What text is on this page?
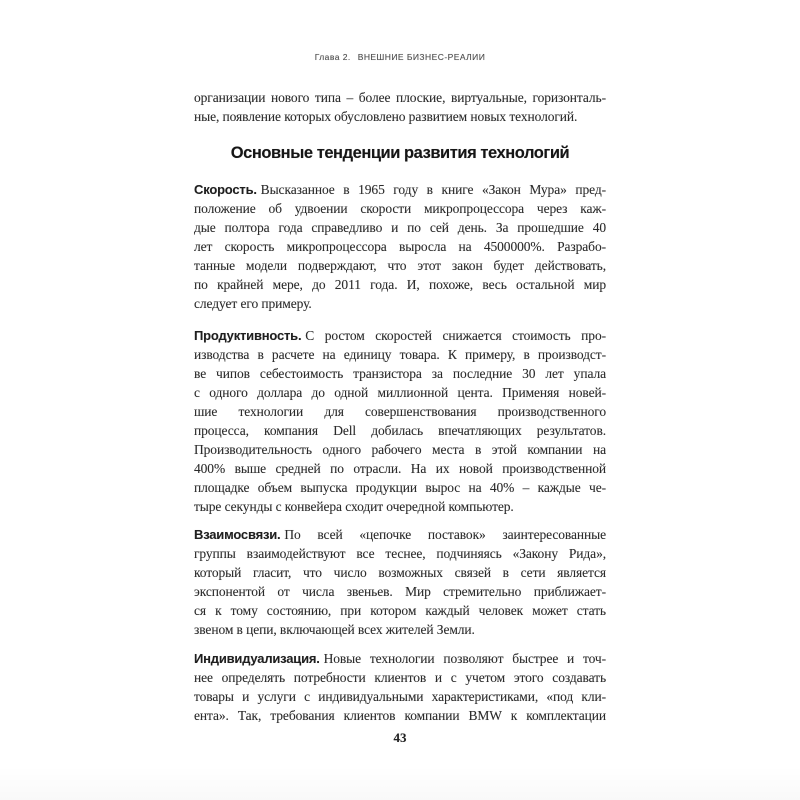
Глава 2. ВНЕШНИЕ БИЗНЕС-РЕАЛИИ
организации нового типа – более плоские, виртуальные, горизонталь-
ные, появление которых обусловлено развитием новых технологий.
Основные тенденции развития технологий
Скорость. Высказанное в 1965 году в книге «Закон Мура» пред-
положение об удвоении скорости микропроцессора через каж-
дые полтора года справедливо и по сей день. За прошедшие 40
лет скорость микропроцессора выросла на 4500000%. Разрабо-
танные модели подверждают, что этот закон будет действовать,
по крайней мере, до 2011 года. И, похоже, весь остальной мир
следует его примеру.
Продуктивность. С ростом скоростей снижается стоимость про-
изводства в расчете на единицу товара. К примеру, в производст-
ве чипов себестоимость транзистора за последние 30 лет упала
с одного доллара до одной миллионной цента. Применяя новей-
шие технологии для совершенствования производственного
процесса, компания Dell добилась впечатляющих результатов.
Производительность одного рабочего места в этой компании на
400% выше средней по отрасли. На их новой производственной
площадке объем выпуска продукции вырос на 40% – каждые че-
тыре секунды с конвейера сходит очередной компьютер.
Взаимосвязи. По всей «цепочке поставок» заинтересованные
группы взаимодействуют все теснее, подчиняясь «Закону Рида»,
который гласит, что число возможных связей в сети является
экспонентой от числа звеньев. Мир стремительно приближает-
ся к тому состоянию, при котором каждый человек может стать
звеном в цепи, включающей всех жителей Земли.
Индивидуализация. Новые технологии позволяют быстрее и точ-
нее определять потребности клиентов и с учетом этого создавать
товары и услуги с индивидуальными характеристиками, «под кли-
ента». Так, требования клиентов компании BMW к комплектации
43
